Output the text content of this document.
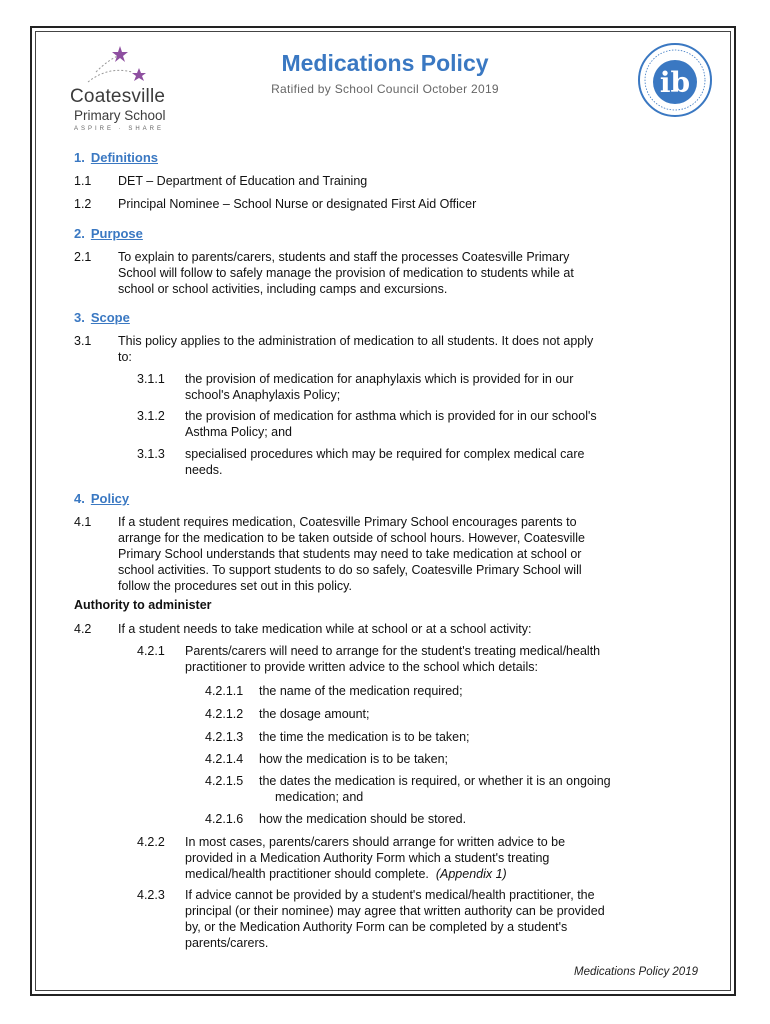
Coatesville
Primary School
ASPIRE · SHARE
Medications Policy
Ratified by School Council October 2019	ib
1. Definitions
1.1 DET – Department of Education and Training
1.2 Principal Nominee – School Nurse or designated First Aid Officer
2. Purpose
2.1 To explain to parents/carers, students and staff the processes Coatesville Primary
School will follow to safely manage the provision of medication to students while at
school or school activities, including camps and excursions.
3. Scope
3.1 This policy applies to the administration of medication to all students. It does not apply
to:
3.1.1 the provision of medication for anaphylaxis which is provided for in our
school's Anaphylaxis Policy;
3.1.2 the provision of medication for asthma which is provided for in our school's
Asthma Policy; and
3.1.3 specialised procedures which may be required for complex medical care
needs.
4. Policy
4.1 If a student requires medication, Coatesville Primary School encourages parents to
arrange for the medication to be taken outside of school hours. However, Coatesville
Primary School understands that students may need to take medication at school or
school activities. To support students to do so safely, Coatesville Primary School will
follow the procedures set out in this policy.
Authority to administer
4.2 If a student needs to take medication while at school or at a school activity:
4.2.1 Parents/carers will need to arrange for the student's treating medical/health
practitioner to provide written advice to the school which details:
4.2.1.1 the name of the medication required;
4.2.1.2 the dosage amount;
4.2.1.3 the time the medication is to be taken;
4.2.1.4 how the medication is to be taken;
4.2.1.5 the dates the medication is required, or whether it is an ongoing
medication; and
4.2.1.6 how the medication should be stored.
4.2.2 In most cases, parents/carers should arrange for written advice to be
provided in a Medication Authority Form which a student's treating
medical/health practitioner should complete. (Appendix 1)
4.2.3 If advice cannot be provided by a student's medical/health practitioner, the
principal (or their nominee) may agree that written authority can be provided
by, or the Medication Authority Form can be completed by a student's
parents/carers.
Medications Policy 2019
